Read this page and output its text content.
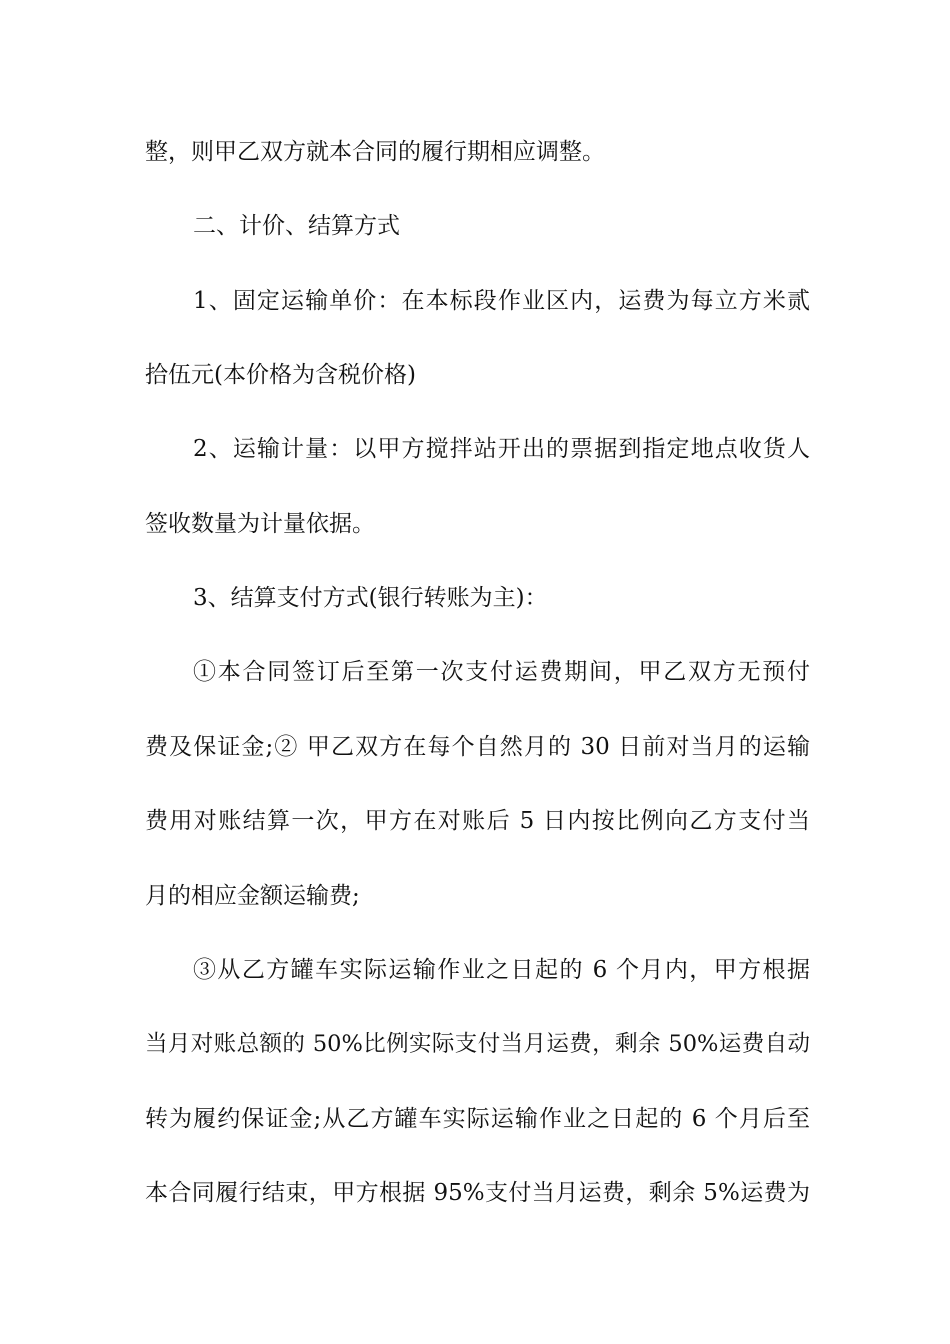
整，则甲乙双方就本合同的履行期相应调整。
二、计价、结算方式
1、固定运输单价：在本标段作业区内，运费为每立方米贰
拾伍元(本价格为含税价格)
2、运输计量：以甲方搅拌站开出的票据到指定地点收货人
签收数量为计量依据。
3、结算支付方式(银行转账为主)：
①本合同签订后至第一次支付运费期间，甲乙双方无预付
费及保证金;② 甲乙双方在每个自然月的 30 日前对当月的运输
费用对账结算一次，甲方在对账后 5 日内按比例向乙方支付当
月的相应金额运输费;
③从乙方罐车实际运输作业之日起的 6 个月内，甲方根据
当月对账总额的 50%比例实际支付当月运费，剩余 50%运费自动
转为履约保证金;从乙方罐车实际运输作业之日起的 6 个月后至
本合同履行结束，甲方根据 95%支付当月运费，剩余 5%运费为
